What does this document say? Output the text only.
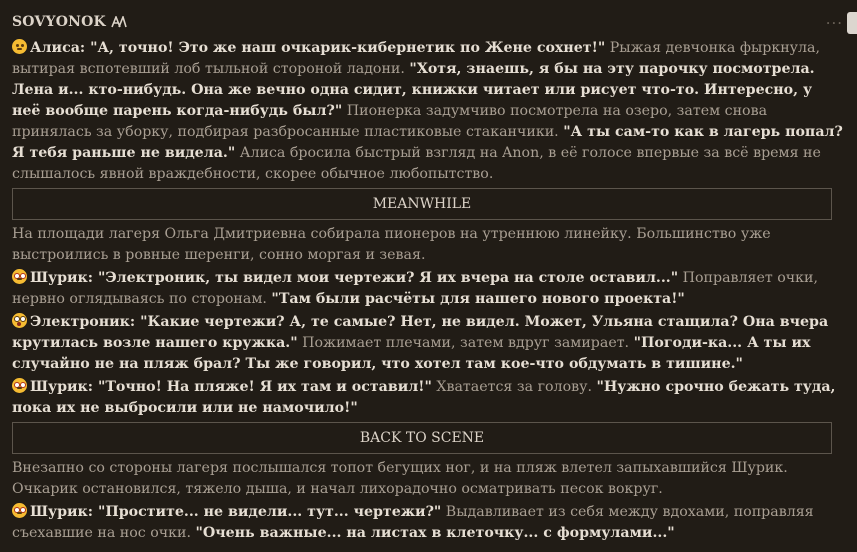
SOVYONOK	···

Алиса: "А, точно! Это же наш очкарик-кибернетик по Жене сохнет!" Рыжая девчонка фыркнула, вытирая вспотевший лоб тыльной стороной ладони. "Хотя, знаешь, я бы на эту парочку посмотрела. Лена и... кто-нибудь. Она же вечно одна сидит, книжки читает или рисует что-то. Интересно, у неё вообще парень когда-нибудь был?" Пионерка задумчиво посмотрела на озеро, затем снова принялась за уборку, подбирая разбросанные пластиковые стаканчики. "А ты сам-то как в лагерь попал? Я тебя раньше не видела." Алиса бросила быстрый взгляд на Anon, в её голосе впервые за всё время не слышалось явной враждебности, скорее обычное любопытство.

MEANWHILE

На площади лагеря Ольга Дмитриевна собирала пионеров на утреннюю линейку. Большинство уже выстроились в ровные шеренги, сонно моргая и зевая.

Шурик: "Электроник, ты видел мои чертежи? Я их вчера на столе оставил..." Поправляет очки, нервно оглядываясь по сторонам. "Там были расчёты для нашего нового проекта!"

Электроник: "Какие чертежи? А, те самые? Нет, не видел. Может, Ульяна стащила? Она вчера крутилась возле нашего кружка." Пожимает плечами, затем вдруг замирает. "Погоди-ка... А ты их случайно не на пляж брал? Ты же говорил, что хотел там кое-что обдумать в тишине."

Шурик: "Точно! На пляже! Я их там и оставил!" Хватается за голову. "Нужно срочно бежать туда, пока их не выбросили или не намочило!"

BACK TO SCENE

Внезапно со стороны лагеря послышался топот бегущих ног, и на пляж влетел запыхавшийся Шурик. Очкарик остановился, тяжело дыша, и начал лихорадочно осматривать песок вокруг.

Шурик: "Простите... не видели... тут... чертежи?" Выдавливает из себя между вдохами, поправляя съехавшие на нос очки. "Очень важные... на листах в клеточку... с формулами..."
